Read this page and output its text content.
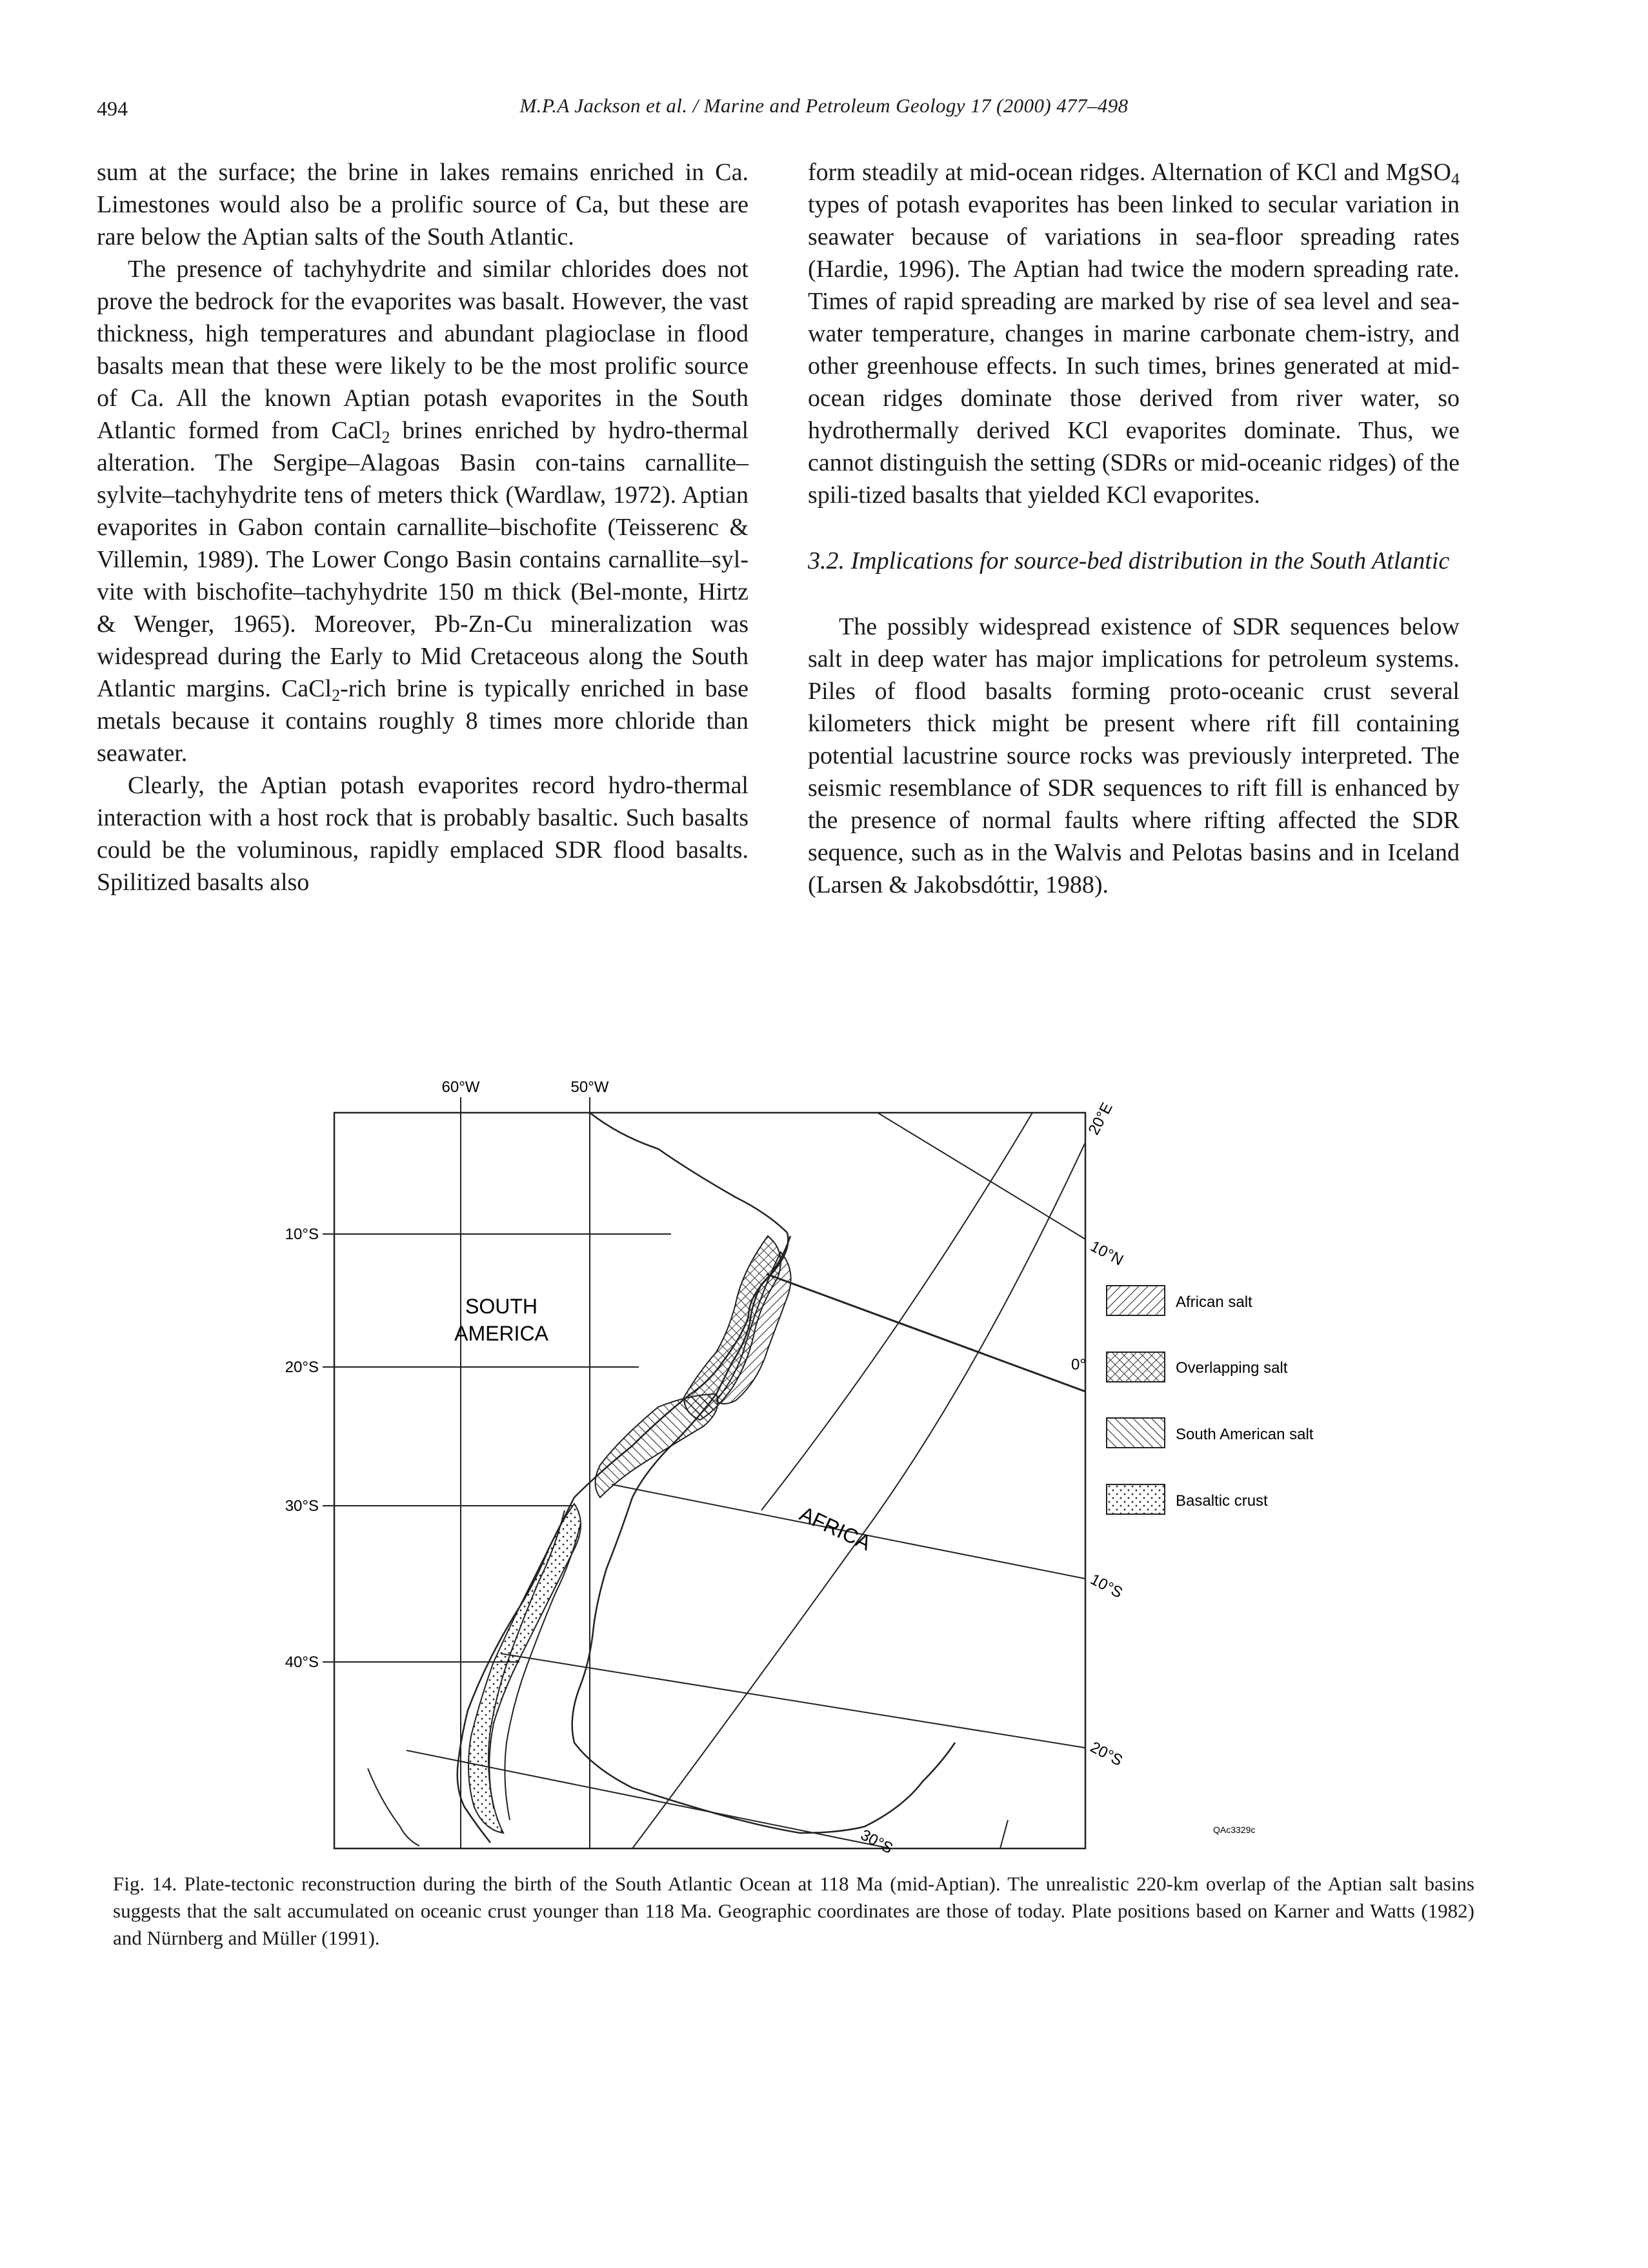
494	M.P.A Jackson et al. / Marine and Petroleum Geology 17 (2000) 477–498

sum at the surface; the brine in lakes remains enriched in Ca. Limestones would also be a prolific source of Ca, but these are rare below the Aptian salts of the South Atlantic.

The presence of tachyhydrite and similar chlorides does not prove the bedrock for the evaporites was basalt. However, the vast thickness, high temperatures and abundant plagioclase in flood basalts mean that these were likely to be the most prolific source of Ca. All the known Aptian potash evaporites in the South Atlantic formed from CaCl$_2$ brines enriched by hydro-thermal alteration. The Sergipe–Alagoas Basin con-tains carnallite–sylvite–tachyhydrite tens of meters thick (Wardlaw, 1972). Aptian evaporites in Gabon contain carnallite–bischofite (Teisserenc & Villemin, 1989). The Lower Congo Basin contains carnallite–syl-vite with bischofite–tachyhydrite 150 m thick (Bel-monte, Hirtz & Wenger, 1965). Moreover, Pb-Zn-Cu mineralization was widespread during the Early to Mid Cretaceous along the South Atlantic margins. CaCl$_2$-rich brine is typically enriched in base metals because it contains roughly 8 times more chloride than seawater.

Clearly, the Aptian potash evaporites record hydro-thermal interaction with a host rock that is probably basaltic. Such basalts could be the voluminous, rapidly emplaced SDR flood basalts. Spilitized basalts also

form steadily at mid-ocean ridges. Alternation of KCl and MgSO$_4$ types of potash evaporites has been linked to secular variation in seawater because of variations in sea-floor spreading rates (Hardie, 1996). The Aptian had twice the modern spreading rate. Times of rapid spreading are marked by rise of sea level and sea-water temperature, changes in marine carbonate chem-istry, and other greenhouse effects. In such times, brines generated at mid-ocean ridges dominate those derived from river water, so hydrothermally derived KCl evaporites dominate. Thus, we cannot distinguish the setting (SDRs or mid-oceanic ridges) of the spili-tized basalts that yielded KCl evaporites.

3.2. Implications for source-bed distribution in the South Atlantic

The possibly widespread existence of SDR sequences below salt in deep water has major implications for petroleum systems. Piles of flood basalts forming proto-oceanic crust several kilometers thick might be present where rift fill containing potential lacustrine source rocks was previously interpreted. The seismic resemblance of SDR sequences to rift fill is enhanced by the presence of normal faults where rifting affected the SDR sequence, such as in the Walvis and Pelotas basins and in Iceland (Larsen & Jakobsdóttir, 1988).

60°W	50°W
10°S
20°S
30°S
40°S
SOUTH
AMERICA
AFRICA
20°E
10°N
0°
10°S
20°S
30°S
African salt
Overlapping salt
South American salt
Basaltic crust
QAc3329c
Fig. 14. Plate-tectonic reconstruction during the birth of the South Atlantic Ocean at 118 Ma (mid-Aptian). The unrealistic 220-km overlap of the Aptian salt basins suggests that the salt accumulated on oceanic crust younger than 118 Ma. Geographic coordinates are those of today. Plate positions based on Karner and Watts (1982) and Nürnberg and Müller (1991).
